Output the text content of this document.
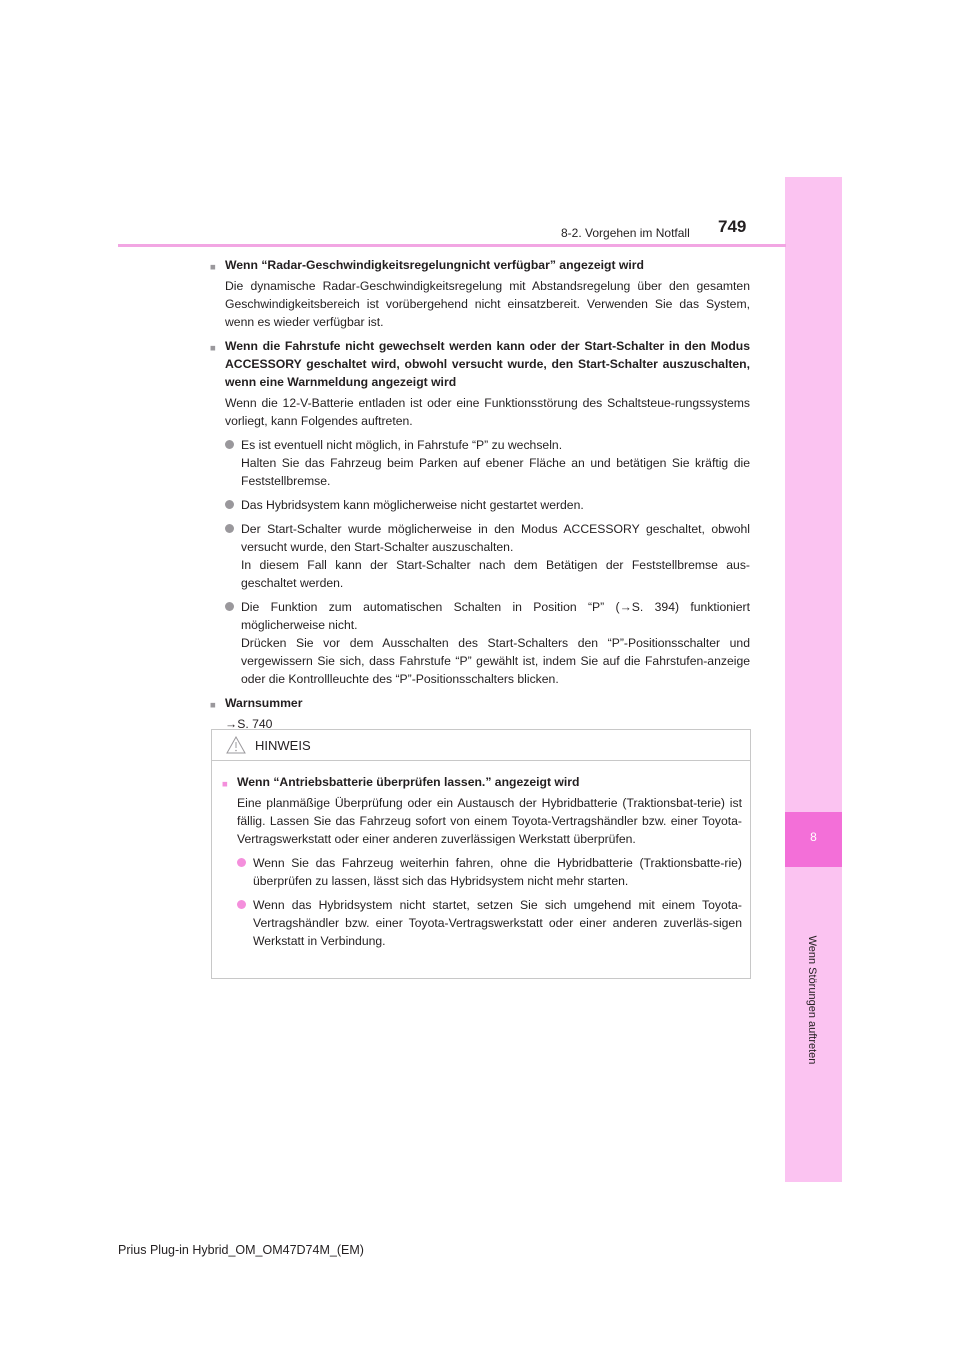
8
Wenn Störungen auftreten
8-2. Vorgehen im Notfall 749
■ Wenn “Radar-Geschwindigkeitsregelungnicht verfügbar” angezeigt wird
Die dynamische Radar-Geschwindigkeitsregelung mit Abstandsregelung über den gesamten Geschwindigkeitsbereich ist vorübergehend nicht einsatzbereit. Verwenden Sie das System, wenn es wieder verfügbar ist.
■ Wenn die Fahrstufe nicht gewechselt werden kann oder der Start-Schalter in den Modus ACCESSORY geschaltet wird, obwohl versucht wurde, den Start-Schalter auszuschalten, wenn eine Warnmeldung angezeigt wird
Wenn die 12-V-Batterie entladen ist oder eine Funktionsstörung des Schaltsteue-rungssystems vorliegt, kann Folgendes auftreten.
Es ist eventuell nicht möglich, in Fahrstufe “P” zu wechseln.
Halten Sie das Fahrzeug beim Parken auf ebener Fläche an und betätigen Sie kräftig die Feststellbremse.
Das Hybridsystem kann möglicherweise nicht gestartet werden.
Der Start-Schalter wurde möglicherweise in den Modus ACCESSORY geschaltet, obwohl versucht wurde, den Start-Schalter auszuschalten.
In diesem Fall kann der Start-Schalter nach dem Betätigen der Feststellbremse aus-geschaltet werden.
Die Funktion zum automatischen Schalten in Position “P” (→S. 394) funktioniert möglicherweise nicht.
Drücken Sie vor dem Ausschalten des Start-Schalters den “P”-Positionsschalter und vergewissern Sie sich, dass Fahrstufe “P” gewählt ist, indem Sie auf die Fahrstufen-anzeige oder die Kontrollleuchte des “P”-Positionsschalters blicken.
■ Warnsummer
→S. 740
HINWEIS
■ Wenn “Antriebsbatterie überprüfen lassen.” angezeigt wird
Eine planmäßige Überprüfung oder ein Austausch der Hybridbatterie (Traktionsbat-terie) ist fällig. Lassen Sie das Fahrzeug sofort von einem Toyota-Vertragshändler bzw. einer Toyota-Vertragswerkstatt oder einer anderen zuverlässigen Werkstatt überprüfen.
Wenn Sie das Fahrzeug weiterhin fahren, ohne die Hybridbatterie (Traktionsbatte-rie) überprüfen zu lassen, lässt sich das Hybridsystem nicht mehr starten.
Wenn das Hybridsystem nicht startet, setzen Sie sich umgehend mit einem Toyota-Vertragshändler bzw. einer Toyota-Vertragswerkstatt oder einer anderen zuverläs-sigen Werkstatt in Verbindung.
Prius Plug-in Hybrid_OM_OM47D74M_(EM)
